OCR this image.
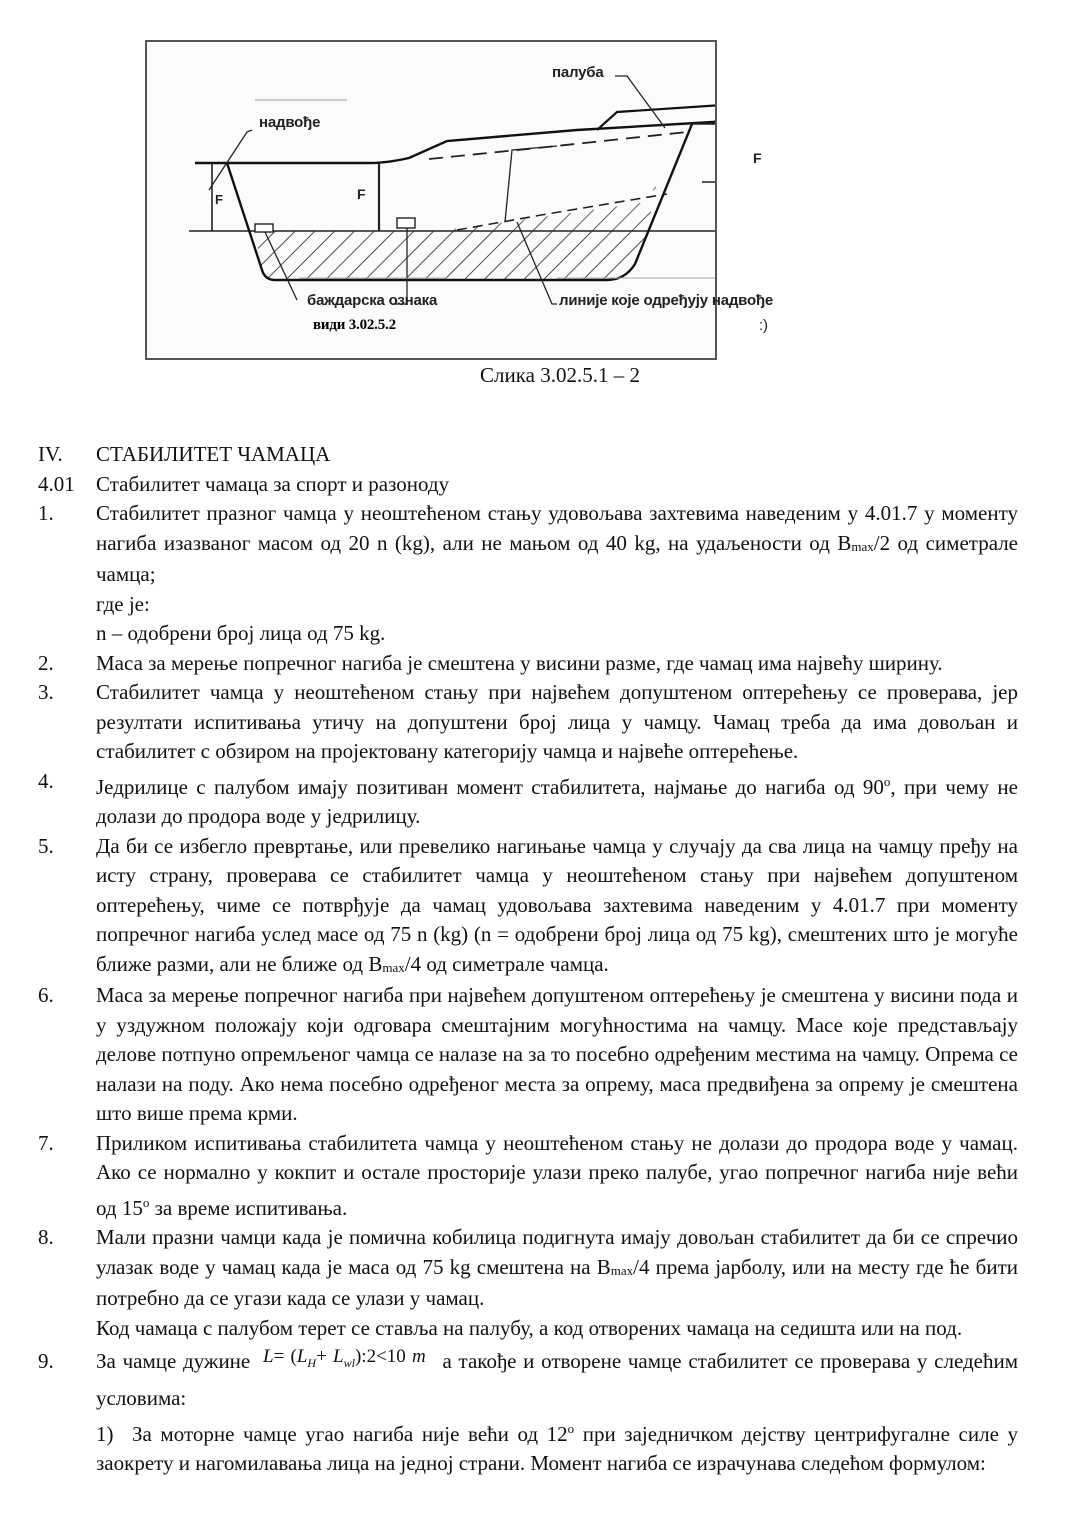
палуба
надвође
F	F
F
баждарска ознака	линије које одређују надвође
види 3.02.5.2	:)
Слика 3.02.5.1 – 2
IV.	СТАБИЛИТЕТ ЧАМАЦА
4.01	Стабилитет чамаца за спорт и разоноду
1.	Стабилитет празног чамца у неоштећеном стању удовољава захтевима наведеним у 4.01.7 у моменту нагиба изазваног масом од 20 n (kg), али не мањом од 40 kg, на удаљености од $B_{max}/2$ од симетрале чамца;
где је:
n – одобрени број лица од 75 kg.
2.	Маса за мерење попречног нагиба је смештена у висини разме, где чамац има највећу ширину.
3.	Стабилитет чамца у неоштећеном стању при највећем допуштеном оптерећењу се проверава, јер резултати испитивања утичу на допуштени број лица у чамцу. Чамац треба да има довољан и стабилитет с обзиром на пројектовану категорију чамца и највеће оптерећење.
4.	Једрилице с палубом имају позитиван момент стабилитета, најмање до нагиба од 90$^o$, при чему не долази до продора воде у једрилицу.
5.	Да би се избегло превртање, или превелико нагињање чамца у случају да сва лица на чамцу пређу на исту страну, проверава се стабилитет чамца у неоштећеном стању при највећем допуштеном оптерећењу, чиме се потврђује да чамац удовољава захтевима наведеним у 4.01.7 при моменту попречног нагиба услед масе од 75 n (kg) (n = одобрени број лица од 75 kg), смештених што је могуће ближе разми, али не ближе од $B_{max}/4$ од симетрале чамца.
6.	Маса за мерење попречног нагиба при највећем допуштеном оптерећењу је смештена у висини пода и у уздужном положају који одговара смештајним могућностима на чамцу. Масе које представљају делове потпуно опремљеног чамца се налазе на за то посебно одређеним местима на чамцу. Опрема се налази на поду. Ако нема посебно одређеног места за опрему, маса предвиђена за опрему је смештена што више према крми.
7.	Приликом испитивања стабилитета чамца у неоштећеном стању не долази до продора воде у чамац. Ако се нормално у кокпит и остале просторије улази преко палубе, угао попречног нагиба није већи од 15$^o$ за време испитивања.
8.	Мали празни чамци када је помична кобилица подигнута имају довољан стабилитет да би се спречио улазак воде у чамац када је маса од 75 kg смештена на $B_{max}/4$ према јарболу, или на месту где ће бити потребно да се угази када се улази у чамац.
Код чамаца с палубом терет се ставља на палубу, а код отворених чамаца на седишта или на под.
9.	За чамце дужине $L= (L_H+$ $L_{wl}):2<10$ m а такође и отворене чамце стабилитет се проверава у следећим условима:
1) За моторне чамце угао нагиба није већи од 12$^o$ при заједничком дејству центрифугалне силе у заокрету и нагомилавања лица на једној страни. Момент нагиба се израчунава следећом формулом:
